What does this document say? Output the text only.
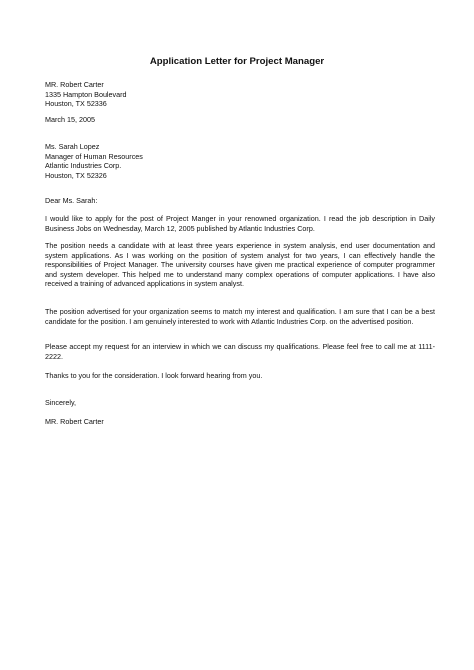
Application Letter for Project Manager
MR. Robert Carter
1335 Hampton Boulevard
Houston, TX 52336
March 15, 2005
Ms. Sarah Lopez
Manager of Human Resources
Atlantic Industries Corp.
Houston, TX 52326
Dear Ms. Sarah:
I would like to apply for the post of Project Manger in your renowned organization. I read the job description in Daily Business Jobs on Wednesday, March 12, 2005 published by Atlantic Industries Corp.
The position needs a candidate with at least three years experience in system analysis, end user documentation and system applications. As I was working on the position of system analyst for two years, I can effectively handle the responsibilities of Project Manager. The university courses have given me practical experience of computer programmer and system developer. This helped me to understand many complex operations of computer applications. I have also received a training of advanced applications in system analyst.
The position advertised for your organization seems to match my interest and qualification. I am sure that I can be a best candidate for the position. I am genuinely interested to work with Atlantic Industries Corp. on the advertised position.
Please accept my request for an interview in which we can discuss my qualifications. Please feel free to call me at 1111-2222.
Thanks to you for the consideration. I look forward hearing from you.
Sincerely,
MR. Robert Carter
